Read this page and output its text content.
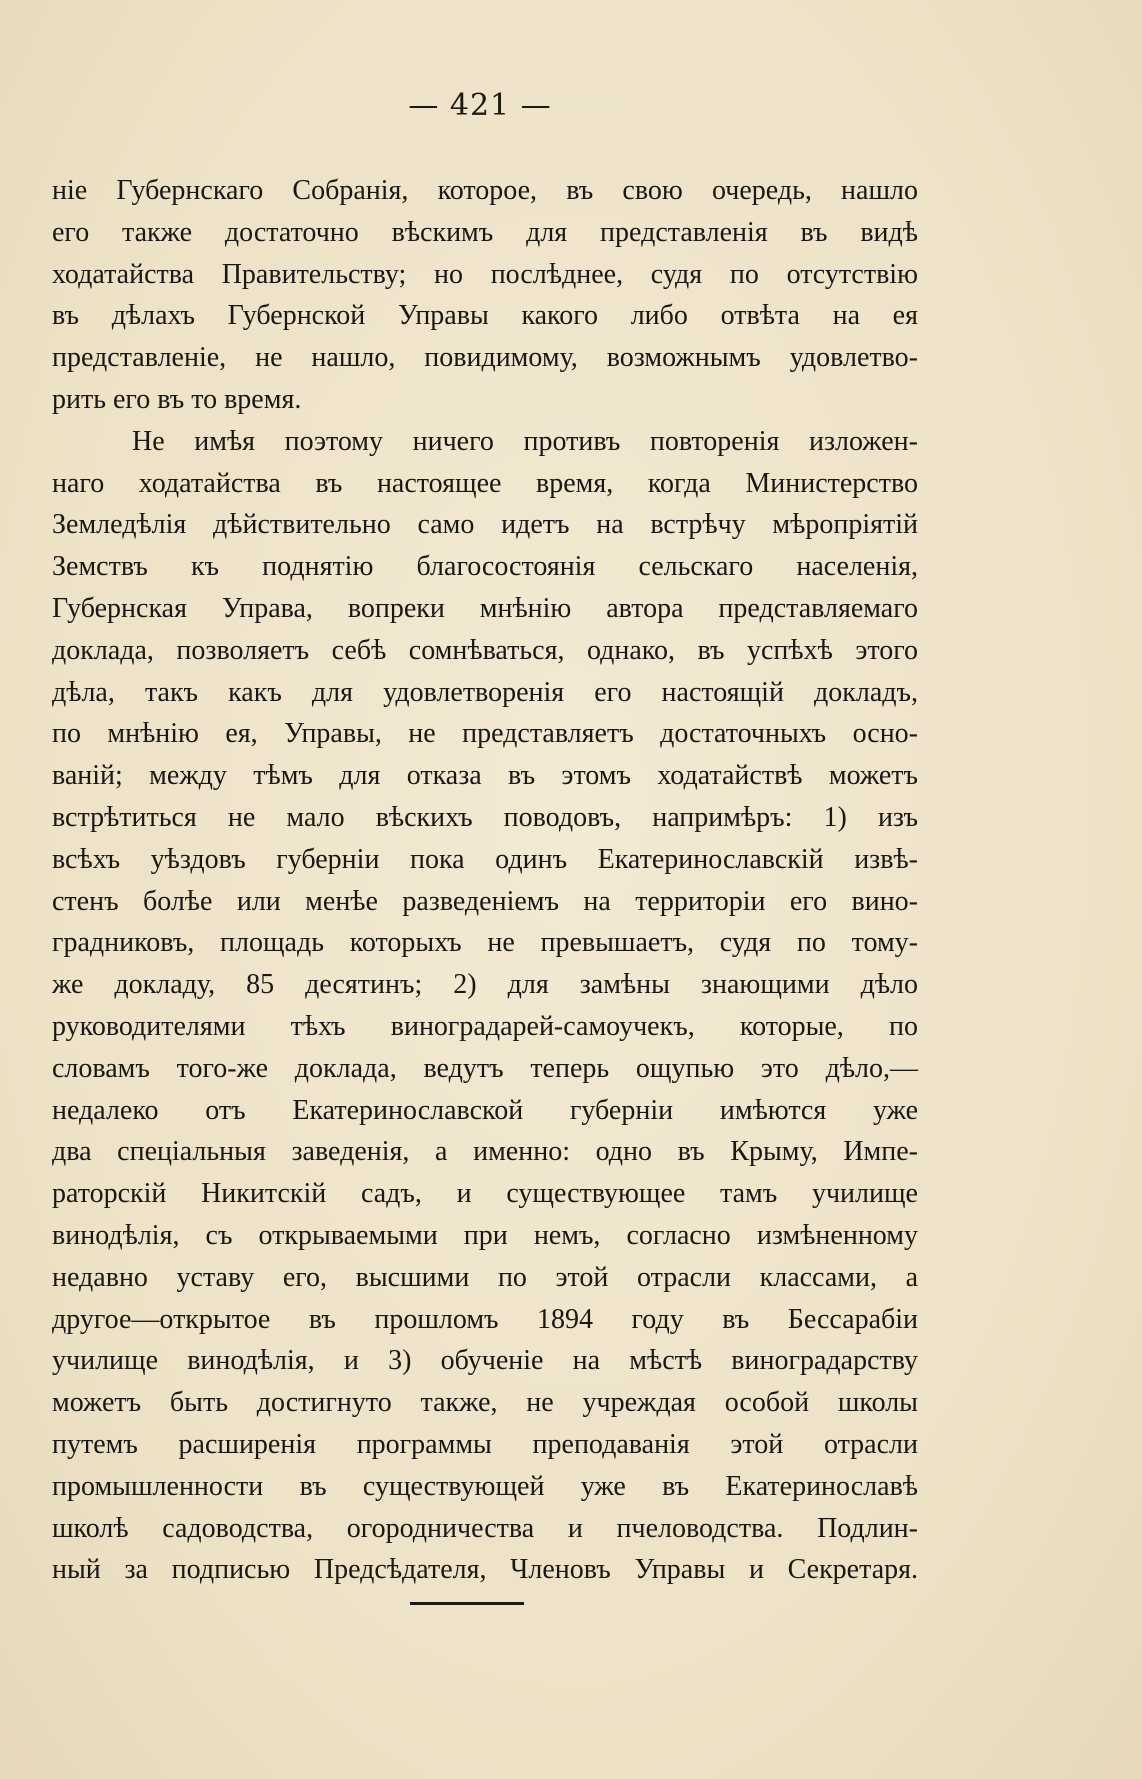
— 421 —
ніе Губернскаго Собранія, которое, въ свою очередь, нашло
его также достаточно вѣскимъ для представленія въ видѣ
ходатайства Правительству; но послѣднее, судя по отсутствію
въ дѣлахъ Губернской Управы какого либо отвѣта на ея
представленіе, не нашло, повидимому, возможнымъ удовлетво-
рить его въ то время.
Не имѣя поэтому ничего противъ повторенія изложен-
наго ходатайства въ настоящее время, когда Министерство
Земледѣлія дѣйствительно само идетъ на встрѣчу мѣропріятій
Земствъ къ поднятію благосостоянія сельскаго населенія,
Губернская Управа, вопреки мнѣнію автора представляемаго
доклада, позволяетъ себѣ сомнѣваться, однако, въ успѣхѣ этого
дѣла, такъ какъ для удовлетворенія его настоящій докладъ,
по мнѣнію ея, Управы, не представляетъ достаточныхъ осно-
ваній; между тѣмъ для отказа въ этомъ ходатайствѣ можетъ
встрѣтиться не мало вѣскихъ поводовъ, напримѣръ: 1) изъ
всѣхъ уѣздовъ губерніи пока одинъ Екатеринославскій извѣ-
стенъ болѣе или менѣе разведеніемъ на территоріи его вино-
градниковъ, площадь которыхъ не превышаетъ, судя по тому-
же докладу, 85 десятинъ; 2) для замѣны знающими дѣло
руководителями тѣхъ виноградарей-самоучекъ, которые, по
словамъ того-же доклада, ведутъ теперь ощупью это дѣло,—
недалеко отъ Екатеринославской губерніи имѣются уже
два спеціальныя заведенія, а именно: одно въ Крыму, Импе-
раторскій Никитскій садъ, и существующее тамъ училище
винодѣлія, съ открываемыми при немъ, согласно измѣненному
недавно уставу его, высшими по этой отрасли классами, а
другое—открытое въ прошломъ 1894 году въ Бессарабіи
училище винодѣлія, и 3) обученіе на мѣстѣ виноградарству
можетъ быть достигнуто также, не учреждая особой школы
путемъ расширенія программы преподаванія этой отрасли
промышленности въ существующей уже въ Екатеринославѣ
школѣ садоводства, огородничества и пчеловодства. Подлин-
ный за подписью Предсѣдателя, Членовъ Управы и Секретаря.
